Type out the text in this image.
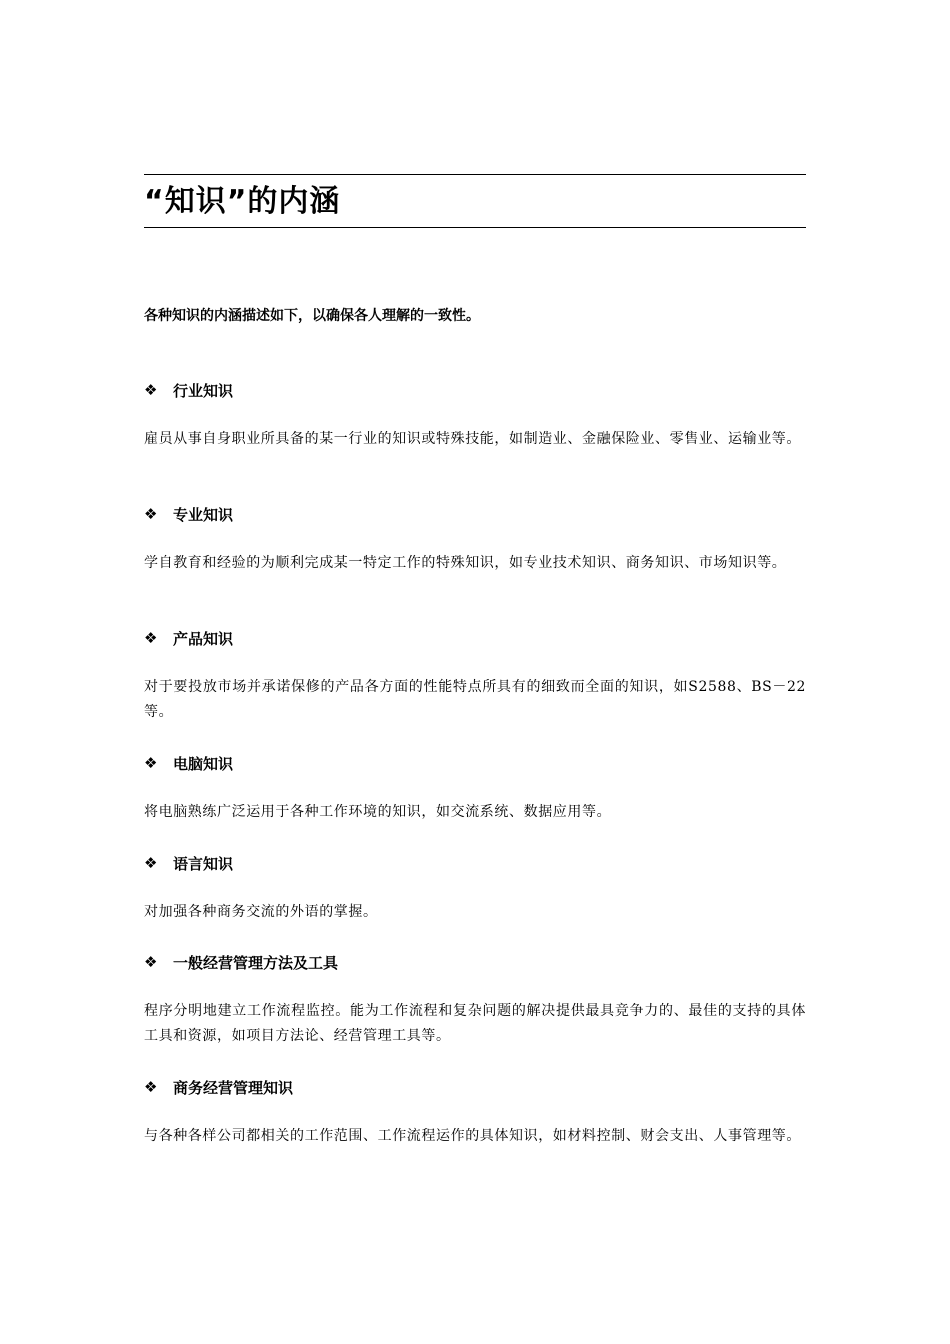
“知识”的内涵
各种知识的内涵描述如下，以确保各人理解的一致性。
❖	行业知识
雇员从事自身职业所具备的某一行业的知识或特殊技能，如制造业、金融保险业、零售业、运输业等。
❖	专业知识
学自教育和经验的为顺利完成某一特定工作的特殊知识，如专业技术知识、商务知识、市场知识等。
❖	产品知识
对于要投放市场并承诺保修的产品各方面的性能特点所具有的细致而全面的知识，如S2588、BS－22等。
❖	电脑知识
将电脑熟练广泛运用于各种工作环境的知识，如交流系统、数据应用等。
❖	语言知识
对加强各种商务交流的外语的掌握。
❖	一般经营管理方法及工具
程序分明地建立工作流程监控。能为工作流程和复杂问题的解决提供最具竞争力的、最佳的支持的具体工具和资源，如项目方法论、经营管理工具等。
❖	商务经营管理知识
与各种各样公司都相关的工作范围、工作流程运作的具体知识，如材料控制、财会支出、人事管理等。
